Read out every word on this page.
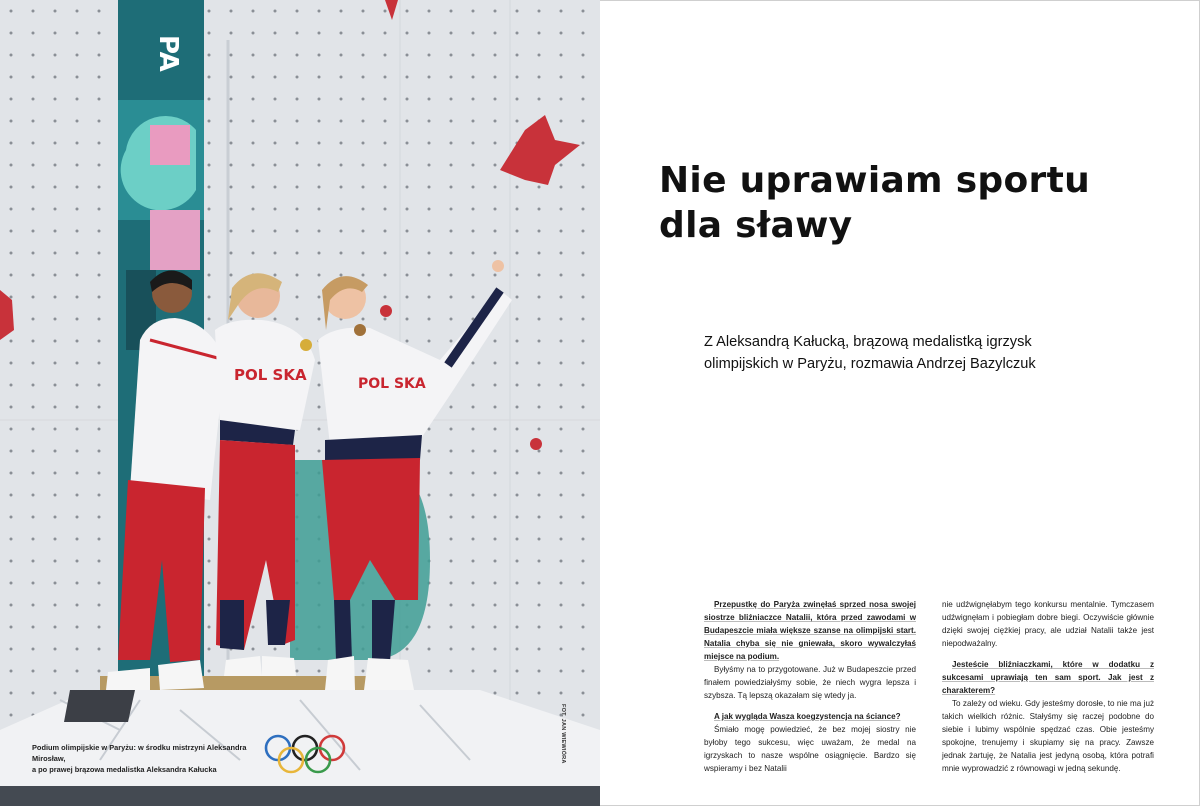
PA
POL SKA	POL SKA
Podium olimpijskie w Paryżu: w środku mistrzyni Aleksandra Mirosław,
a po prawej brązowa medalistka Aleksandra Kałucka
FOT. JAN WIEWIÓRA
Nie uprawiam sportu
dla sławy

Z Aleksandrą Kałucką, brązową medalistką igrzysk olimpijskich w Paryżu, rozmawia Andrzej Bazylczuk

Przepustkę do Paryża zwinęłaś sprzed nosa swojej siostrze bliźniaczce Natalii, która przed zawodami w Budapeszcie miała większe szanse na olimpijski start. Natalia chyba się nie gniewała, skoro wywalczyłaś miejsce na podium.

Byłyśmy na to przygotowane. Już w Budapeszcie przed finałem powiedziałyśmy sobie, że niech wygra lepsza i szybsza. Tą lepszą okazałam się wtedy ja.

A jak wygląda Wasza koegzystencja na ściance?

Śmiało mogę powiedzieć, że bez mojej siostry nie byłoby tego sukcesu, więc uważam, że medal na igrzyskach to nasze wspólne osiągnięcie. Bardzo się wspieramy i bez Natalii

nie udźwignęłabym tego konkursu mentalnie. Tymczasem udźwignęłam i pobiegłam dobre biegi. Oczywiście głównie dzięki swojej ciężkiej pracy, ale udział Natalii także jest niepodważalny.

Jesteście bliźniaczkami, które w dodatku z sukcesami uprawiają ten sam sport. Jak jest z charakterem?

To zależy od wieku. Gdy jesteśmy dorosłe, to nie ma już takich wielkich różnic. Stałyśmy się raczej podobne do siebie i lubimy wspólnie spędzać czas. Obie jesteśmy spokojne, trenujemy i skupiamy się na pracy. Zawsze jednak żartuję, że Natalia jest jedyną osobą, która potrafi mnie wyprowadzić z równowagi w jedną sekundę.
